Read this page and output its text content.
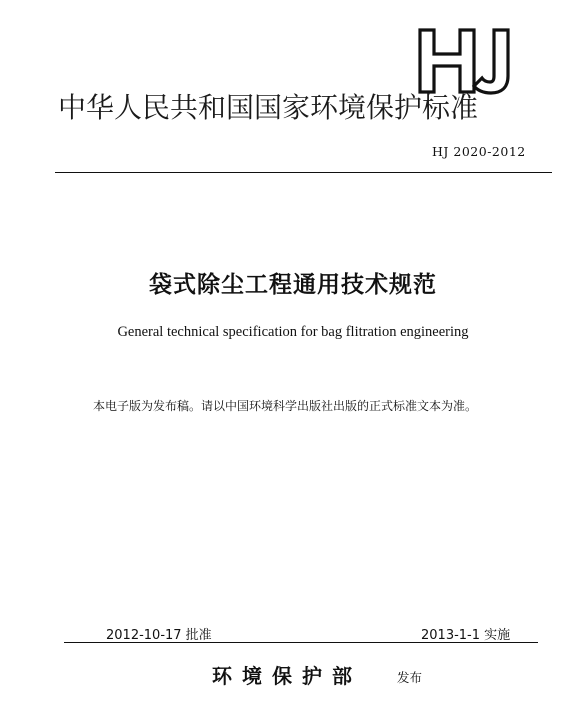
中华人民共和国国家环境保护标准
HJ 2020-2012
袋式除尘工程通用技术规范
General technical specification for bag flitration engineering
本电子版为发布稿。请以中国环境科学出版社出版的正式标准文本为准。
2012-10-17 批准	2013-1-1 实施
环境保护部	发布
